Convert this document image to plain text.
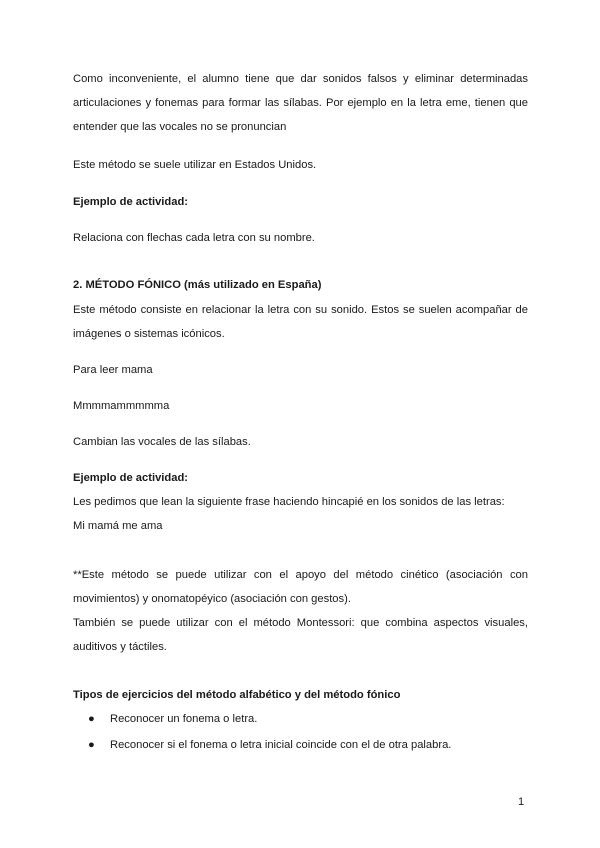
Como inconveniente, el alumno tiene que dar sonidos falsos y eliminar determinadas
articulaciones y fonemas para formar las sílabas. Por ejemplo en la letra eme, tienen que
entender que las vocales no se pronuncian
Este método se suele utilizar en Estados Unidos.
Ejemplo de actividad:
Relaciona con flechas cada letra con su nombre.
2. MÉTODO FÓNICO (más utilizado en España)
Este método consiste en relacionar la letra con su sonido. Estos se suelen acompañar de
imágenes o sistemas icónicos.
Para leer mama
Mmmmammmmma
Cambian las vocales de las sílabas.
Ejemplo de actividad:
Les pedimos que lean la siguiente frase haciendo hincapié en los sonidos de las letras:
Mi mamá me ama
**Este método se puede utilizar con el apoyo del método cinético (asociación con
movimientos) y onomatopéyico (asociación con gestos).
También se puede utilizar con el método Montessori: que combina aspectos visuales,
auditivos y táctiles.
Tipos de ejercicios del método alfabético y del método fónico
● Reconocer un fonema o letra.
● Reconocer si el fonema o letra inicial coincide con el de otra palabra.
1
